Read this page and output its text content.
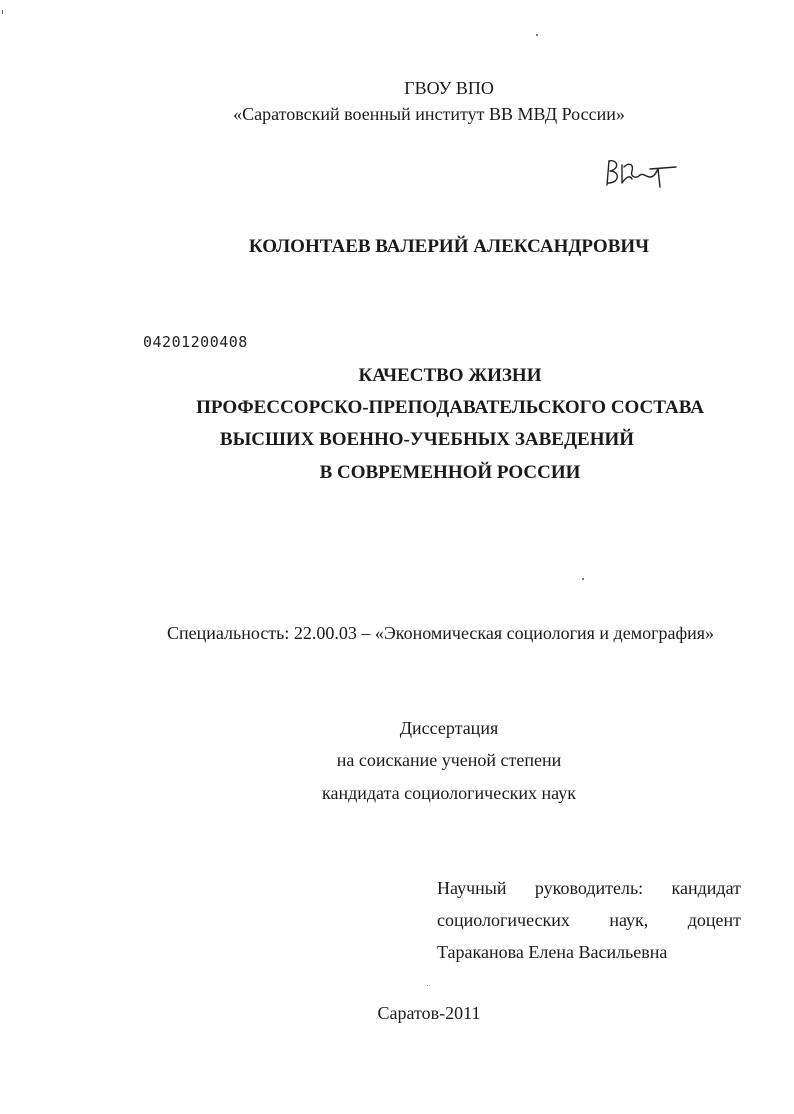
ГВОУ ВПО
«Саратовский военный институт ВВ МВД России»
КОЛОНТАЕВ ВАЛЕРИЙ АЛЕКСАНДРОВИЧ
04201200408
КАЧЕСТВО ЖИЗНИ
ПРОФЕССОРСКО-ПРЕПОДАВАТЕЛЬСКОГО СОСТАВА
ВЫСШИХ ВОЕННО-УЧЕБНЫХ ЗАВЕДЕНИЙ
В СОВРЕМЕННОЙ РОССИИ
Специальность: 22.00.03 – «Экономическая социология и демография»
Диссертация
на соискание ученой степени
кандидата социологических наук
Научный руководитель: кандидат
социологических наук, доцент
Тараканова Елена Васильевна
Саратов-2011
